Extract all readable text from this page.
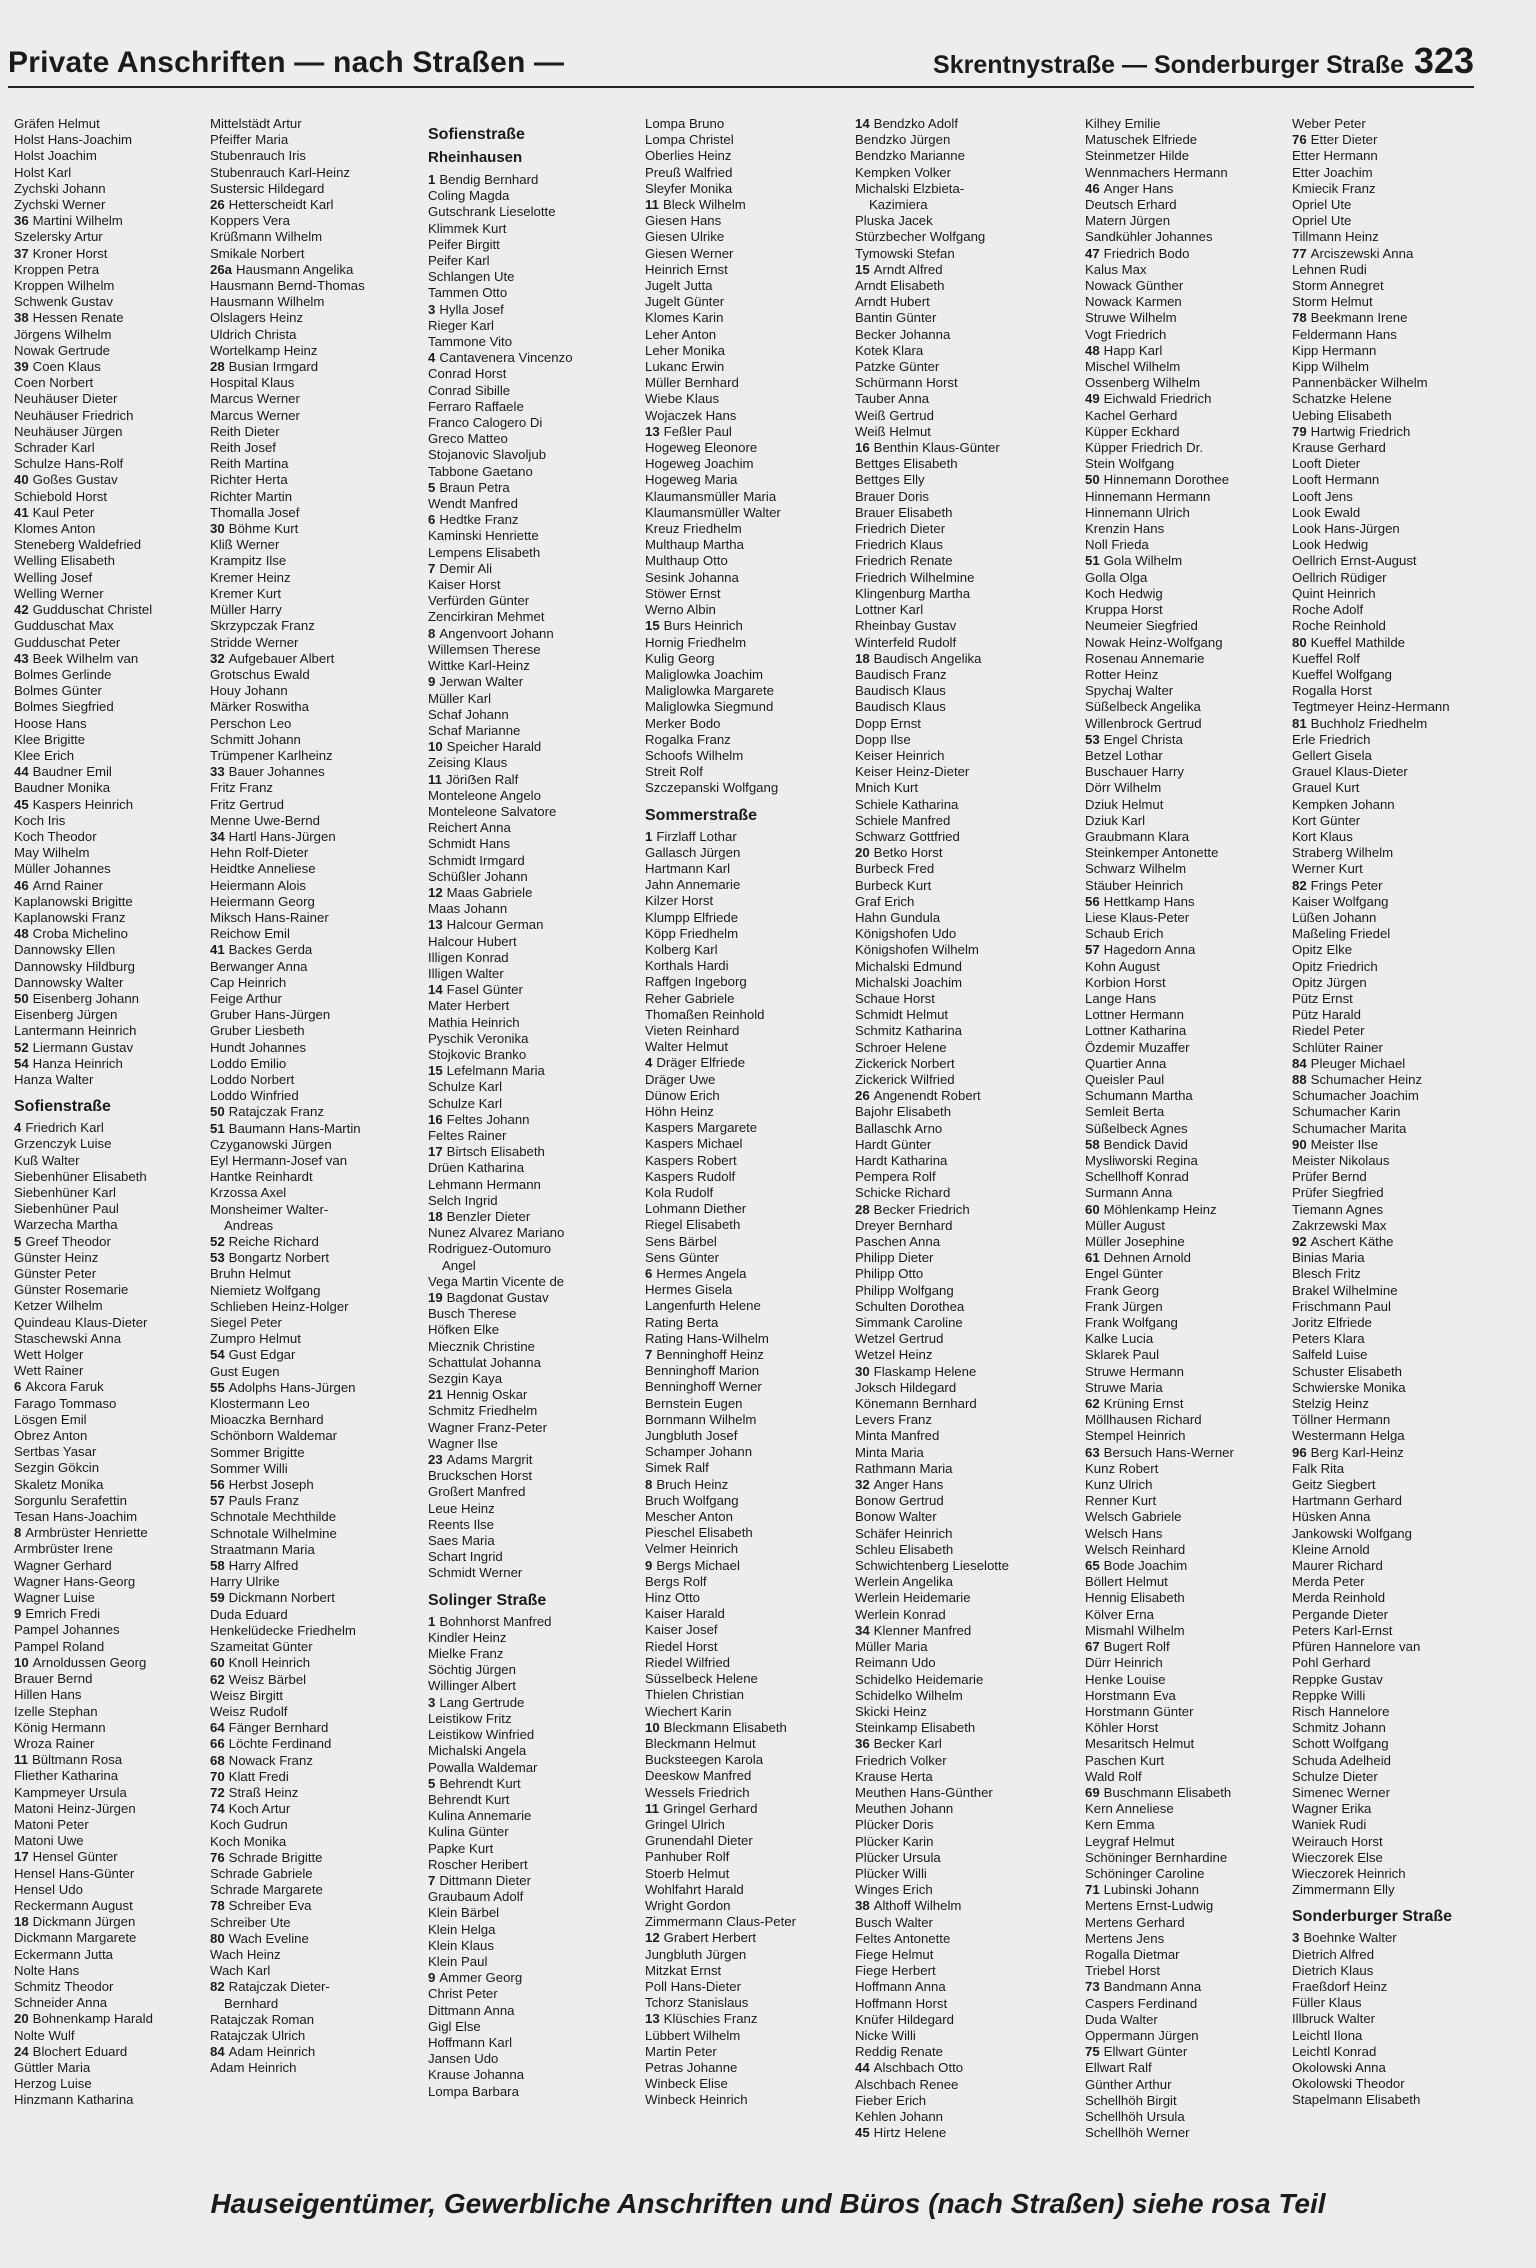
Private Anschriften — nach Straßen —	Skrentnystraße — Sonderburger Straße 323
Gräfen Helmut
Holst Hans-Joachim
Holst Joachim
Holst Karl
Zychski Johann
Zychski Werner
36 Martini Wilhelm
Szelersky Artur
37 Kroner Horst
Kroppen Petra
Kroppen Wilhelm
Schwenk Gustav
38 Hessen Renate
Jörgens Wilhelm
Nowak Gertrude
39 Coen Klaus
Coen Norbert
Neuhäuser Dieter
Neuhäuser Friedrich
Neuhäuser Jürgen
Schrader Karl
Schulze Hans-Rolf
40 Goßes Gustav
Schiebold Horst
41 Kaul Peter
Klomes Anton
Steneberg Waldefried
Welling Elisabeth
Welling Josef
Welling Werner
42 Gudduschat Christel
Gudduschat Max
Gudduschat Peter
43 Beek Wilhelm van
Bolmes Gerlinde
Bolmes Günter
Bolmes Siegfried
Hoose Hans
Klee Brigitte
Klee Erich
44 Baudner Emil
Baudner Monika
45 Kaspers Heinrich
Koch Iris
Koch Theodor
May Wilhelm
Müller Johannes
46 Arnd Rainer
Kaplanowski Brigitte
Kaplanowski Franz
48 Croba Michelino
Dannowsky Ellen
Dannowsky Hildburg
Dannowsky Walter
50 Eisenberg Johann
Eisenberg Jürgen
Lantermann Heinrich
52 Liermann Gustav
54 Hanza Heinrich
Hanza Walter
Sofienstraße
4 Friedrich Karl
Grzenczyk Luise
Kuß Walter
Siebenhüner Elisabeth
Siebenhüner Karl
Siebenhüner Paul
Warzecha Martha
5 Greef Theodor
Günster Heinz
Günster Peter
Günster Rosemarie
Ketzer Wilhelm
Quindeau Klaus-Dieter
Staschewski Anna
Wett Holger
Wett Rainer
6 Akcora Faruk
Farago Tommaso
Lösgen Emil
Obrez Anton
Sertbas Yasar
Sezgin Gökcin
Skaletz Monika
Sorgunlu Serafettin
Tesan Hans-Joachim
8 Armbrüster Henriette
Armbrüster Irene
Wagner Gerhard
Wagner Hans-Georg
Wagner Luise
9 Emrich Fredi
Pampel Johannes
Pampel Roland
10 Arnoldussen Georg
Brauer Bernd
Hillen Hans
Izelle Stephan
König Hermann
Wroza Rainer
11 Bültmann Rosa
Fliether Katharina
Kampmeyer Ursula
Matoni Heinz-Jürgen
Matoni Peter
Matoni Uwe
17 Hensel Günter
Hensel Hans-Günter
Hensel Udo
Reckermann August
18 Dickmann Jürgen
Dickmann Margarete
Eckermann Jutta
Nolte Hans
Schmitz Theodor
Schneider Anna
20 Bohnenkamp Harald
Nolte Wulf
24 Blochert Eduard
Güttler Maria
Herzog Luise
Hinzmann Katharina
Mittelstädt Artur
Pfeiffer Maria
Stubenrauch Iris
Stubenrauch Karl-Heinz
Sustersic Hildegard
26 Hetterscheidt Karl
Koppers Vera
Krüßmann Wilhelm
Smikale Norbert
26a Hausmann Angelika
Hausmann Bernd-Thomas
Hausmann Wilhelm
Olslagers Heinz
Uldrich Christa
Wortelkamp Heinz
28 Busian Irmgard
Hospital Klaus
Marcus Werner
Marcus Werner
Reith Dieter
Reith Josef
Reith Martina
Richter Herta
Richter Martin
Thomalla Josef
30 Böhme Kurt
Kliß Werner
Krampitz Ilse
Kremer Heinz
Kremer Kurt
Müller Harry
Skrzypczak Franz
Stridde Werner
32 Aufgebauer Albert
Grotschus Ewald
Houy Johann
Märker Roswitha
Perschon Leo
Schmitt Johann
Trümpener Karlheinz
33 Bauer Johannes
Fritz Franz
Fritz Gertrud
Menne Uwe-Bernd
34 Hartl Hans-Jürgen
Hehn Rolf-Dieter
Heidtke Anneliese
Heiermann Alois
Heiermann Georg
Miksch Hans-Rainer
Reichow Emil
41 Backes Gerda
Berwanger Anna
Cap Heinrich
Feige Arthur
Gruber Hans-Jürgen
Gruber Liesbeth
Hundt Johannes
Loddo Emilio
Loddo Norbert
Loddo Winfried
50 Ratajczak Franz
51 Baumann Hans-Martin
Czyganowski Jürgen
Eyl Hermann-Josef van
Hantke Reinhardt
Krzossa Axel
Monsheimer Walter-
Andreas
52 Reiche Richard
53 Bongartz Norbert
Bruhn Helmut
Niemietz Wolfgang
Schlieben Heinz-Holger
Siegel Peter
Zumpro Helmut
54 Gust Edgar
Gust Eugen
55 Adolphs Hans-Jürgen
Klostermann Leo
Mioaczka Bernhard
Schönborn Waldemar
Sommer Brigitte
Sommer Willi
56 Herbst Joseph
57 Pauls Franz
Schnotale Mechthilde
Schnotale Wilhelmine
Straatmann Maria
58 Harry Alfred
Harry Ulrike
59 Dickmann Norbert
Duda Eduard
Henkelüdecke Friedhelm
Szameitat Günter
60 Knoll Heinrich
62 Weisz Bärbel
Weisz Birgitt
Weisz Rudolf
64 Fänger Bernhard
66 Löchte Ferdinand
68 Nowack Franz
70 Klatt Fredi
72 Straß Heinz
74 Koch Artur
Koch Gudrun
Koch Monika
76 Schrade Brigitte
Schrade Gabriele
Schrade Margarete
78 Schreiber Eva
Schreiber Ute
80 Wach Eveline
Wach Heinz
Wach Karl
82 Ratajczak Dieter-
Bernhard
Ratajczak Roman
Ratajczak Ulrich
84 Adam Heinrich
Adam Heinrich
Sofienstraße
Rheinhausen
1 Bendig Bernhard
Coling Magda
Gutschrank Lieselotte
Klimmek Kurt
Peifer Birgitt
Peifer Karl
Schlangen Ute
Tammen Otto
3 Hylla Josef
Rieger Karl
Tammone Vito
4 Cantavenera Vincenzo
Conrad Horst
Conrad Sibille
Ferraro Raffaele
Franco Calogero Di
Greco Matteo
Stojanovic Slavoljub
Tabbone Gaetano
5 Braun Petra
Wendt Manfred
6 Hedtke Franz
Kaminski Henriette
Lempens Elisabeth
7 Demir Ali
Kaiser Horst
Verfürden Günter
Zencirkiran Mehmet
8 Angenvoort Johann
Willemsen Therese
Wittke Karl-Heinz
9 Jerwan Walter
Müller Karl
Schaf Johann
Schaf Marianne
10 Speicher Harald
Zeising Klaus
11 Jöriẞen Ralf
Monteleone Angelo
Monteleone Salvatore
Reichert Anna
Schmidt Hans
Schmidt Irmgard
Schüßler Johann
12 Maas Gabriele
Maas Johann
13 Halcour German
Halcour Hubert
Illigen Konrad
Illigen Walter
14 Fasel Günter
Mater Herbert
Mathia Heinrich
Pyschik Veronika
Stojkovic Branko
15 Lefelmann Maria
Schulze Karl
Schulze Karl
16 Feltes Johann
Feltes Rainer
17 Birtsch Elisabeth
Drüen Katharina
Lehmann Hermann
Selch Ingrid
18 Benzler Dieter
Nunez Alvarez Mariano
Rodriguez-Outomuro
Angel
Vega Martin Vicente de
19 Bagdonat Gustav
Busch Therese
Höfken Elke
Miecznik Christine
Schattulat Johanna
Sezgin Kaya
21 Hennig Oskar
Schmitz Friedhelm
Wagner Franz-Peter
Wagner Ilse
23 Adams Margrit
Bruckschen Horst
Großert Manfred
Leue Heinz
Reents Ilse
Saes Maria
Schart Ingrid
Schmidt Werner
Solinger Straße
1 Bohnhorst Manfred
Kindler Heinz
Mielke Franz
Söchtig Jürgen
Willinger Albert
3 Lang Gertrude
Leistikow Fritz
Leistikow Winfried
Michalski Angela
Powalla Waldemar
5 Behrendt Kurt
Behrendt Kurt
Kulina Annemarie
Kulina Günter
Papke Kurt
Roscher Heribert
7 Dittmann Dieter
Graubaum Adolf
Klein Bärbel
Klein Helga
Klein Klaus
Klein Paul
9 Ammer Georg
Christ Peter
Dittmann Anna
Gigl Else
Hoffmann Karl
Jansen Udo
Krause Johanna
Lompa Barbara
Lompa Bruno
Lompa Christel
Oberlies Heinz
Preuß Walfried
Sleyfer Monika
11 Bleck Wilhelm
Giesen Hans
Giesen Ulrike
Giesen Werner
Heinrich Ernst
Jugelt Jutta
Jugelt Günter
Klomes Karin
Leher Anton
Leher Monika
Lukanc Erwin
Müller Bernhard
Wiebe Klaus
Wojaczek Hans
13 Feßler Paul
Hogeweg Eleonore
Hogeweg Joachim
Hogeweg Maria
Klaumansmüller Maria
Klaumansmüller Walter
Kreuz Friedhelm
Multhaup Martha
Multhaup Otto
Sesink Johanna
Stöwer Ernst
Werno Albin
15 Burs Heinrich
Hornig Friedhelm
Kulig Georg
Maliglowka Joachim
Maliglowka Margarete
Maliglowka Siegmund
Merker Bodo
Rogalka Franz
Schoofs Wilhelm
Streit Rolf
Szczepanski Wolfgang
Sommerstraße
1 Firzlaff Lothar
Gallasch Jürgen
Hartmann Karl
Jahn Annemarie
Kilzer Horst
Klumpp Elfriede
Köpp Friedhelm
Kolberg Karl
Korthals Hardi
Raffgen Ingeborg
Reher Gabriele
Thomaßen Reinhold
Vieten Reinhard
Walter Helmut
4 Dräger Elfriede
Dräger Uwe
Dünow Erich
Höhn Heinz
Kaspers Margarete
Kaspers Michael
Kaspers Robert
Kaspers Rudolf
Kola Rudolf
Lohmann Diether
Riegel Elisabeth
Sens Bärbel
Sens Günter
6 Hermes Angela
Hermes Gisela
Langenfurth Helene
Rating Berta
Rating Hans-Wilhelm
7 Benninghoff Heinz
Benninghoff Marion
Benninghoff Werner
Bernstein Eugen
Bornmann Wilhelm
Jungbluth Josef
Schamper Johann
Simek Ralf
8 Bruch Heinz
Bruch Wolfgang
Mescher Anton
Pieschel Elisabeth
Velmer Heinrich
9 Bergs Michael
Bergs Rolf
Hinz Otto
Kaiser Harald
Kaiser Josef
Riedel Horst
Riedel Wilfried
Süsselbeck Helene
Thielen Christian
Wiechert Karin
10 Bleckmann Elisabeth
Bleckmann Helmut
Bucksteegen Karola
Deeskow Manfred
Wessels Friedrich
11 Gringel Gerhard
Gringel Ulrich
Grunendahl Dieter
Panhuber Rolf
Stoerb Helmut
Wohlfahrt Harald
Wright Gordon
Zimmermann Claus-Peter
12 Grabert Herbert
Jungbluth Jürgen
Mitzkat Ernst
Poll Hans-Dieter
Tchorz Stanislaus
13 Klüschies Franz
Lübbert Wilhelm
Martin Peter
Petras Johanne
Winbeck Elise
Winbeck Heinrich
14 Bendzko Adolf
Bendzko Jürgen
Bendzko Marianne
Kempken Volker
Michalski Elzbieta-
Kazimiera
Pluska Jacek
Stürzbecher Wolfgang
Tymowski Stefan
15 Arndt Alfred
Arndt Elisabeth
Arndt Hubert
Bantin Günter
Becker Johanna
Kotek Klara
Patzke Günter
Schürmann Horst
Tauber Anna
Weiß Gertrud
Weiß Helmut
16 Benthin Klaus-Günter
Bettges Elisabeth
Bettges Elly
Brauer Doris
Brauer Elisabeth
Friedrich Dieter
Friedrich Klaus
Friedrich Renate
Friedrich Wilhelmine
Klingenburg Martha
Lottner Karl
Rheinbay Gustav
Winterfeld Rudolf
18 Baudisch Angelika
Baudisch Franz
Baudisch Klaus
Baudisch Klaus
Dopp Ernst
Dopp Ilse
Keiser Heinrich
Keiser Heinz-Dieter
Mnich Kurt
Schiele Katharina
Schiele Manfred
Schwarz Gottfried
20 Betko Horst
Burbeck Fred
Burbeck Kurt
Graf Erich
Hahn Gundula
Königshofen Udo
Königshofen Wilhelm
Michalski Edmund
Michalski Joachim
Schaue Horst
Schmidt Helmut
Schmitz Katharina
Schroer Helene
Zickerick Norbert
Zickerick Wilfried
26 Angenendt Robert
Bajohr Elisabeth
Ballaschk Arno
Hardt Günter
Hardt Katharina
Pempera Rolf
Schicke Richard
28 Becker Friedrich
Dreyer Bernhard
Paschen Anna
Philipp Dieter
Philipp Otto
Philipp Wolfgang
Schulten Dorothea
Simmank Caroline
Wetzel Gertrud
Wetzel Heinz
30 Flaskamp Helene
Joksch Hildegard
Könemann Bernhard
Levers Franz
Minta Manfred
Minta Maria
Rathmann Maria
32 Anger Hans
Bonow Gertrud
Bonow Walter
Schäfer Heinrich
Schleu Elisabeth
Schwichtenberg Lieselotte
Werlein Angelika
Werlein Heidemarie
Werlein Konrad
34 Klenner Manfred
Müller Maria
Reimann Udo
Schidelko Heidemarie
Schidelko Wilhelm
Skicki Heinz
Steinkamp Elisabeth
36 Becker Karl
Friedrich Volker
Krause Herta
Meuthen Hans-Günther
Meuthen Johann
Plücker Doris
Plücker Karin
Plücker Ursula
Plücker Willi
Winges Erich
38 Althoff Wilhelm
Busch Walter
Feltes Antonette
Fiege Helmut
Fiege Herbert
Hoffmann Anna
Hoffmann Horst
Knüfer Hildegard
Nicke Willi
Reddig Renate
44 Alschbach Otto
Alschbach Renee
Fieber Erich
Kehlen Johann
45 Hirtz Helene
Kilhey Emilie
Matuschek Elfriede
Steinmetzer Hilde
Wennmachers Hermann
46 Anger Hans
Deutsch Erhard
Matern Jürgen
Sandkühler Johannes
47 Friedrich Bodo
Kalus Max
Nowack Günther
Nowack Karmen
Struwe Wilhelm
Vogt Friedrich
48 Happ Karl
Mischel Wilhelm
Ossenberg Wilhelm
49 Eichwald Friedrich
Kachel Gerhard
Küpper Eckhard
Küpper Friedrich Dr.
Stein Wolfgang
50 Hinnemann Dorothee
Hinnemann Hermann
Hinnemann Ulrich
Krenzin Hans
Noll Frieda
51 Gola Wilhelm
Golla Olga
Koch Hedwig
Kruppa Horst
Neumeier Siegfried
Nowak Heinz-Wolfgang
Rosenau Annemarie
Rotter Heinz
Spychaj Walter
Süßelbeck Angelika
Willenbrock Gertrud
53 Engel Christa
Betzel Lothar
Buschauer Harry
Dörr Wilhelm
Dziuk Helmut
Dziuk Karl
Graubmann Klara
Steinkemper Antonette
Schwarz Wilhelm
Stäuber Heinrich
56 Hettkamp Hans
Liese Klaus-Peter
Schaub Erich
57 Hagedorn Anna
Kohn August
Korbion Horst
Lange Hans
Lottner Hermann
Lottner Katharina
Özdemir Muzaffer
Quartier Anna
Queisler Paul
Schumann Martha
Semleit Berta
Süßelbeck Agnes
58 Bendick David
Mysliworski Regina
Schellhoff Konrad
Surmann Anna
60 Möhlenkamp Heinz
Müller August
Müller Josephine
61 Dehnen Arnold
Engel Günter
Frank Georg
Frank Jürgen
Frank Wolfgang
Kalke Lucia
Sklarek Paul
Struwe Hermann
Struwe Maria
62 Krüning Ernst
Möllhausen Richard
Stempel Heinrich
63 Bersuch Hans-Werner
Kunz Robert
Kunz Ulrich
Renner Kurt
Welsch Gabriele
Welsch Hans
Welsch Reinhard
65 Bode Joachim
Böllert Helmut
Hennig Elisabeth
Kölver Erna
Mismahl Wilhelm
67 Bugert Rolf
Dürr Heinrich
Henke Louise
Horstmann Eva
Horstmann Günter
Köhler Horst
Mesaritsch Helmut
Paschen Kurt
Wald Rolf
69 Buschmann Elisabeth
Kern Anneliese
Kern Emma
Leygraf Helmut
Schöninger Bernhardine
Schöninger Caroline
71 Lubinski Johann
Mertens Ernst-Ludwig
Mertens Gerhard
Mertens Jens
Rogalla Dietmar
Triebel Horst
73 Bandmann Anna
Caspers Ferdinand
Duda Walter
Oppermann Jürgen
75 Ellwart Günter
Ellwart Ralf
Günther Arthur
Schellhöh Birgit
Schellhöh Ursula
Schellhöh Werner
Weber Peter
76 Etter Dieter
Etter Hermann
Etter Joachim
Kmiecik Franz
Opriel Ute
Opriel Ute
Tillmann Heinz
77 Arciszewski Anna
Lehnen Rudi
Storm Annegret
Storm Helmut
78 Beekmann Irene
Feldermann Hans
Kipp Hermann
Kipp Wilhelm
Pannenbäcker Wilhelm
Schatzke Helene
Uebing Elisabeth
79 Hartwig Friedrich
Krause Gerhard
Looft Dieter
Looft Hermann
Looft Jens
Look Ewald
Look Hans-Jürgen
Look Hedwig
Oellrich Ernst-August
Oellrich Rüdiger
Quint Heinrich
Roche Adolf
Roche Reinhold
80 Kueffel Mathilde
Kueffel Rolf
Kueffel Wolfgang
Rogalla Horst
Tegtmeyer Heinz-Hermann
81 Buchholz Friedhelm
Erle Friedrich
Gellert Gisela
Grauel Klaus-Dieter
Grauel Kurt
Kempken Johann
Kort Günter
Kort Klaus
Straberg Wilhelm
Werner Kurt
82 Frings Peter
Kaiser Wolfgang
Lüßen Johann
Maßeling Friedel
Opitz Elke
Opitz Friedrich
Opitz Jürgen
Pütz Ernst
Pütz Harald
Riedel Peter
Schlüter Rainer
84 Pleuger Michael
88 Schumacher Heinz
Schumacher Joachim
Schumacher Karin
Schumacher Marita
90 Meister Ilse
Meister Nikolaus
Prüfer Bernd
Prüfer Siegfried
Tiemann Agnes
Zakrzewski Max
92 Aschert Käthe
Binias Maria
Blesch Fritz
Brakel Wilhelmine
Frischmann Paul
Joritz Elfriede
Peters Klara
Salfeld Luise
Schuster Elisabeth
Schwierske Monika
Stelzig Heinz
Töllner Hermann
Westermann Helga
96 Berg Karl-Heinz
Falk Rita
Geitz Siegbert
Hartmann Gerhard
Hüsken Anna
Jankowski Wolfgang
Kleine Arnold
Maurer Richard
Merda Peter
Merda Reinhold
Pergande Dieter
Peters Karl-Ernst
Pfüren Hannelore van
Pohl Gerhard
Reppke Gustav
Reppke Willi
Risch Hannelore
Schmitz Johann
Schott Wolfgang
Schuda Adelheid
Schulze Dieter
Simenec Werner
Wagner Erika
Waniek Rudi
Weirauch Horst
Wieczorek Else
Wieczorek Heinrich
Zimmermann Elly
Sonderburger Straße
3 Boehnke Walter
Dietrich Alfred
Dietrich Klaus
Fraeßdorf Heinz
Füller Klaus
Illbruck Walter
Leichtl Ilona
Leichtl Konrad
Okolowski Anna
Okolowski Theodor
Stapelmann Elisabeth
Hauseigentümer, Gewerbliche Anschriften und Büros (nach Straßen) siehe rosa Teil
